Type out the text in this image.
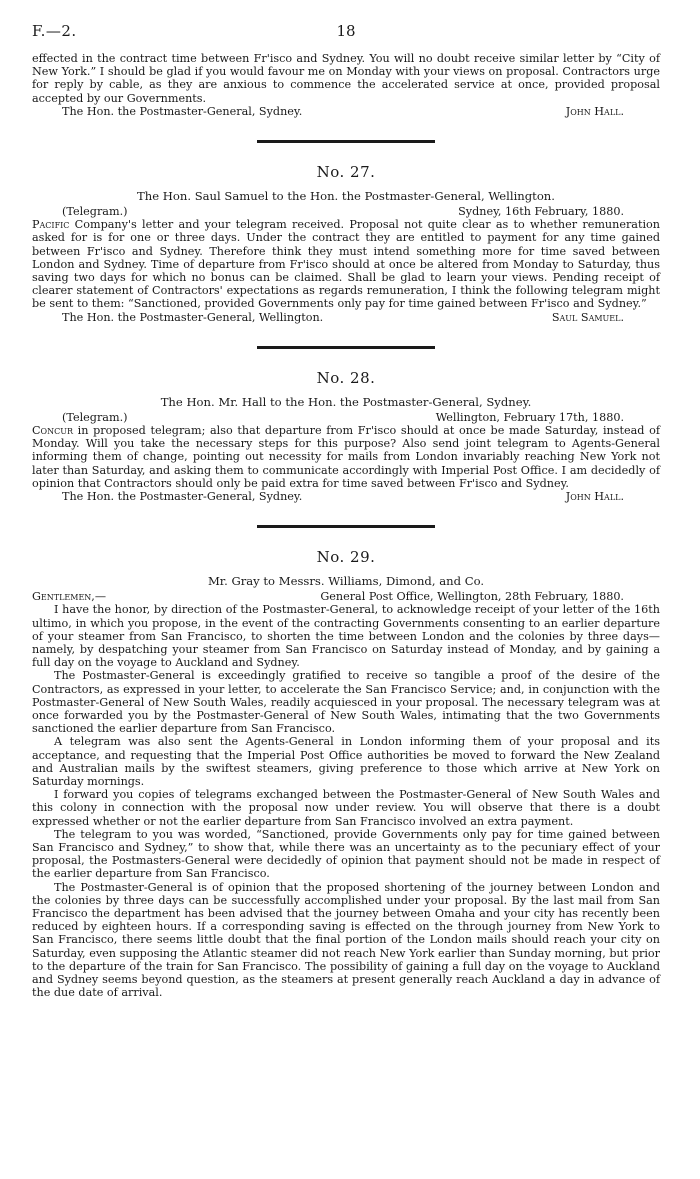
F.—2.	18

effected in the contract time between Fr'isco and Sydney. You will no doubt receive similar letter by “City of New York.” I should be glad if you would favour me on Monday with your views on proposal. Contractors urge for reply by cable, as they are anxious to commence the accelerated service at once, provided proposal accepted by our Governments.

The Hon. the Postmaster-General, Sydney.	John Hall.

No. 27.

The Hon. Saul Samuel to the Hon. the Postmaster-General, Wellington.

(Telegram.)	Sydney, 16th February, 1880.

Pacific Company's letter and your telegram received. Proposal not quite clear as to whether remuneration asked for is for one or three days. Under the contract they are entitled to payment for any time gained between Fr'isco and Sydney. Therefore think they must intend something more for time saved between London and Sydney. Time of departure from Fr'isco should at once be altered from Monday to Saturday, thus saving two days for which no bonus can be claimed. Shall be glad to learn your views. Pending receipt of clearer statement of Contractors' expectations as regards remuneration, I think the following telegram might be sent to them: “Sanctioned, provided Governments only pay for time gained between Fr'isco and Sydney.”

The Hon. the Postmaster-General, Wellington.	Saul Samuel.

No. 28.

The Hon. Mr. Hall to the Hon. the Postmaster-General, Sydney.

(Telegram.)	Wellington, February 17th, 1880.

Concur in proposed telegram; also that departure from Fr'isco should at once be made Saturday, instead of Monday. Will you take the necessary steps for this purpose? Also send joint telegram to Agents-General informing them of change, pointing out necessity for mails from London invariably reaching New York not later than Saturday, and asking them to communicate accordingly with Imperial Post Office. I am decidedly of opinion that Contractors should only be paid extra for time saved between Fr'isco and Sydney.

The Hon. the Postmaster-General, Sydney.	John Hall.

No. 29.

Mr. Gray to Messrs. Williams, Dimond, and Co.

Gentlemen,—	General Post Office, Wellington, 28th February, 1880.

I have the honor, by direction of the Postmaster-General, to acknowledge receipt of your letter of the 16th ultimo, in which you propose, in the event of the contracting Governments consenting to an earlier departure of your steamer from San Francisco, to shorten the time between London and the colonies by three days—namely, by despatching your steamer from San Francisco on Saturday instead of Monday, and by gaining a full day on the voyage to Auckland and Sydney.

The Postmaster-General is exceedingly gratified to receive so tangible a proof of the desire of the Contractors, as expressed in your letter, to accelerate the San Francisco Service; and, in conjunction with the Postmaster-General of New South Wales, readily acquiesced in your proposal. The necessary telegram was at once forwarded you by the Postmaster-General of New South Wales, intimating that the two Governments sanctioned the earlier departure from San Francisco.

A telegram was also sent the Agents-General in London informing them of your proposal and its acceptance, and requesting that the Imperial Post Office authorities be moved to forward the New Zealand and Australian mails by the swiftest steamers, giving preference to those which arrive at New York on Saturday mornings.

I forward you copies of telegrams exchanged between the Postmaster-General of New South Wales and this colony in connection with the proposal now under review. You will observe that there is a doubt expressed whether or not the earlier departure from San Francisco involved an extra payment.

The telegram to you was worded, “Sanctioned, provide Governments only pay for time gained between San Francisco and Sydney,” to show that, while there was an uncertainty as to the pecuniary effect of your proposal, the Postmasters-General were decidedly of opinion that payment should not be made in respect of the earlier departure from San Francisco.

The Postmaster-General is of opinion that the proposed shortening of the journey between London and the colonies by three days can be successfully accomplished under your proposal. By the last mail from San Francisco the department has been advised that the journey between Omaha and your city has recently been reduced by eighteen hours. If a corresponding saving is effected on the through journey from New York to San Francisco, there seems little doubt that the final portion of the London mails should reach your city on Saturday, even supposing the Atlantic steamer did not reach New York earlier than Sunday morning, but prior to the departure of the train for San Francisco. The possibility of gaining a full day on the voyage to Auckland and Sydney seems beyond question, as the steamers at present generally reach Auckland a day in advance of the due date of arrival.
